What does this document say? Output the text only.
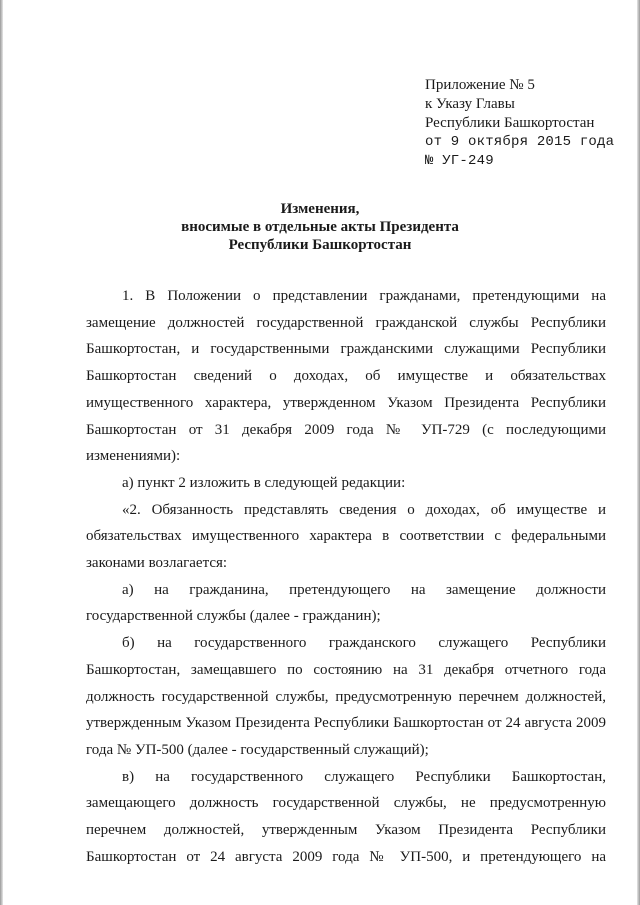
Приложение № 5
к Указу Главы
Республики Башкортостан
от 9 октября 2015 года
№ УГ-249
Изменения,
вносимые в отдельные акты Президента
Республики Башкортостан

1. В Положении о представлении гражданами, претендующими на замещение должностей государственной гражданской службы Республики Башкортостан, и государственными гражданскими служащими Республики Башкортостан сведений о доходах, об имуществе и обязательствах имущественного характера, утвержденном Указом Президента Республики Башкортостан от 31 декабря 2009 года № УП-729 (с последующими изменениями):

а) пункт 2 изложить в следующей редакции:

«2. Обязанность представлять сведения о доходах, об имуществе и обязательствах имущественного характера в соответствии с федеральными законами возлагается:

а) на гражданина, претендующего на замещение должности государственной службы (далее - гражданин);

б) на государственного гражданского служащего Республики Башкортостан, замещавшего по состоянию на 31 декабря отчетного года должность государственной службы, предусмотренную перечнем должностей, утвержденным Указом Президента Республики Башкортостан от 24 августа 2009 года № УП-500 (далее - государственный служащий);

в) на государственного служащего Республики Башкортостан, замещающего должность государственной службы, не предусмотренную перечнем должностей, утвержденным Указом Президента Республики Башкортостан от 24 августа 2009 года № УП-500, и претендующего на
